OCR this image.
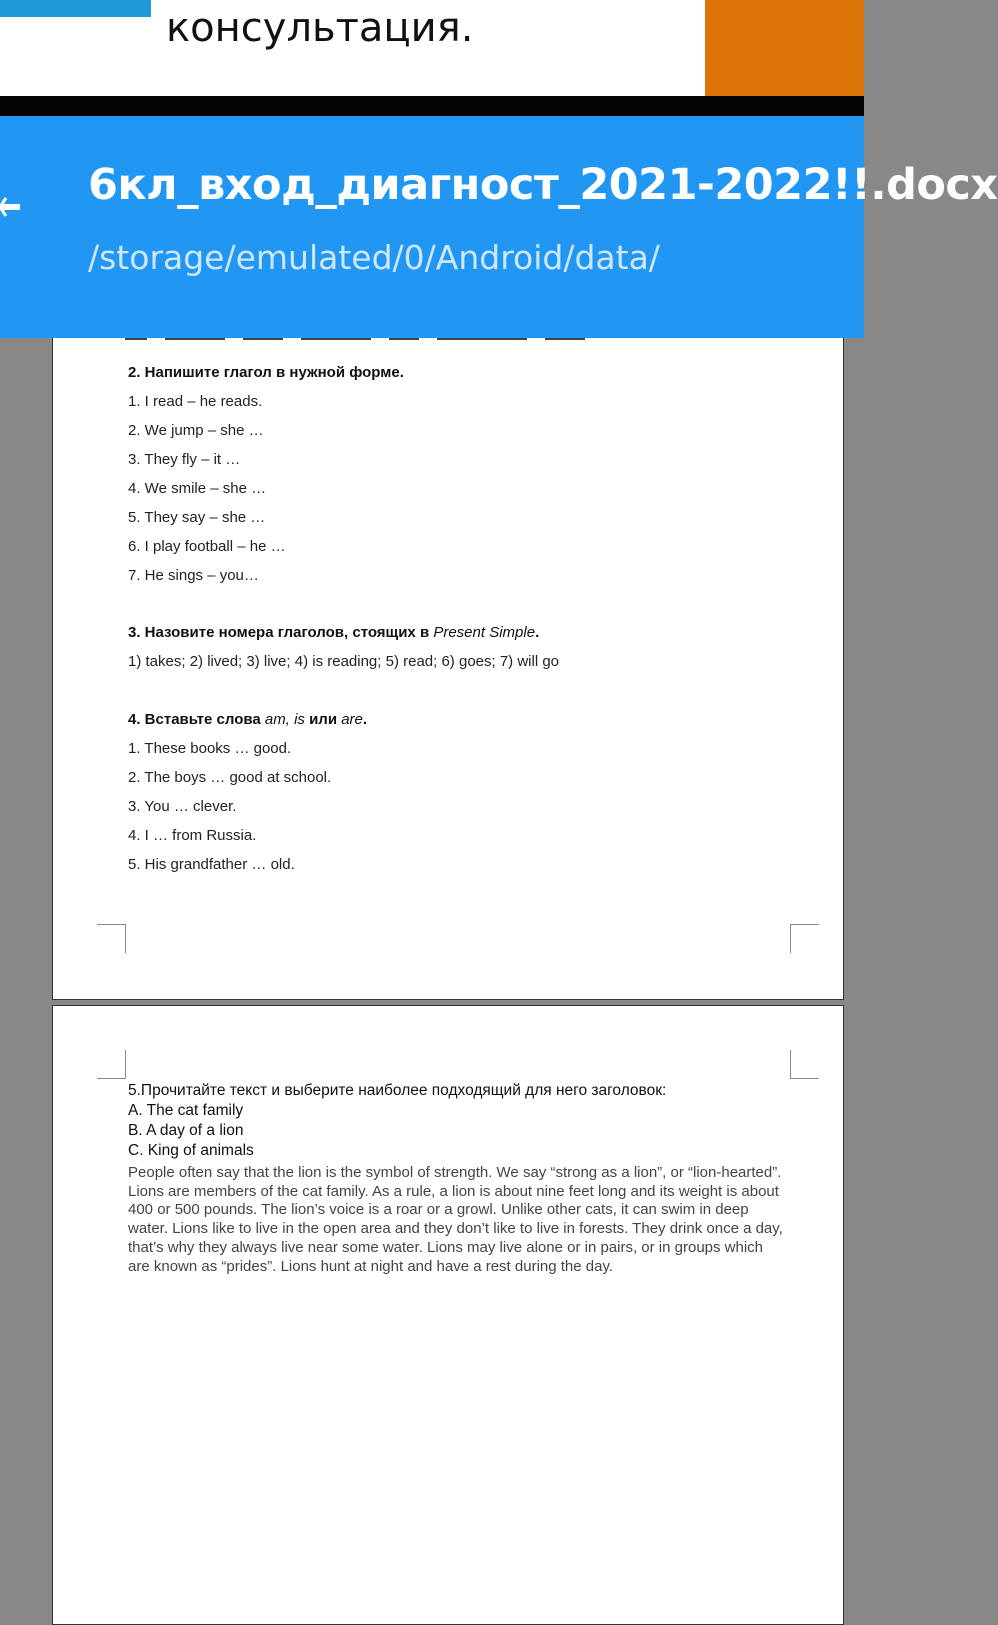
консультация.
6кл_вход_диагност_2021-2022!!.docx
/storage/emulated/0/Android/data/
2. Напишите глагол в нужной форме.
1. I read – he reads.
2. We jump – she …
3. They fly – it …
4. We smile – she …
5. They say – she …
6. I play football – he …
7. He sings – you…
3. Назовите номера глаголов, стоящих в Present Simple.
1) takes; 2) lived; 3) live; 4) is reading; 5) read; 6) goes; 7) will go
4. Вставьте слова am, is или are.
1. These books … good.
2. The boys … good at school.
3. You … clever.
4. I … from Russia.
5. His grandfather … old.
5.Прочитайте текст и выберите наиболее подходящий для него заголовок:
A. The cat family
B. A day of a lion
C. King of animals
People often say that the lion is the symbol of strength. We say “strong as a lion”, or “lion-hearted”. Lions are members of the cat family. As a rule, a lion is about nine feet long and its weight is about 400 or 500 pounds. The lion’s voice is a roar or a growl. Unlike other cats, it can swim in deep water. Lions like to live in the open area and they don’t like to live in forests. They drink once a day, that’s why they always live near some water. Lions may live alone or in pairs, or in groups which are known as “prides”. Lions hunt at night and have a rest during the day.
